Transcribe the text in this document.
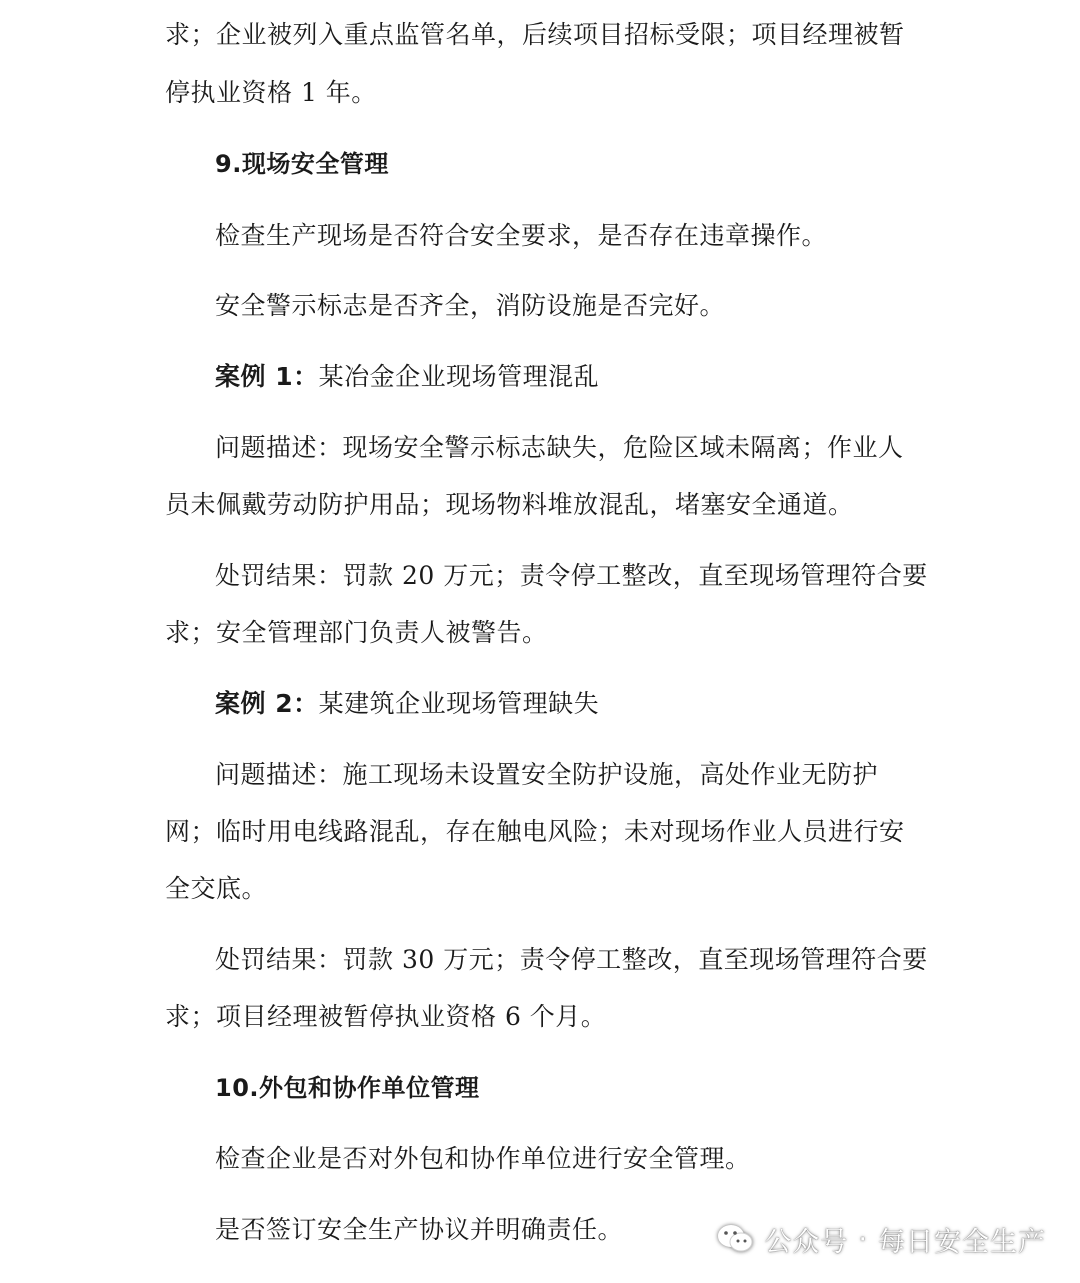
求；企业被列入重点监管名单，后续项目招标受限；项目经理被暂
停执业资格 1 年。
9.现场安全管理
检查生产现场是否符合安全要求，是否存在违章操作。
安全警示标志是否齐全，消防设施是否完好。
案例 1：某冶金企业现场管理混乱
问题描述：现场安全警示标志缺失，危险区域未隔离；作业人
员未佩戴劳动防护用品；现场物料堆放混乱，堵塞安全通道。
处罚结果：罚款 20 万元；责令停工整改，直至现场管理符合要
求；安全管理部门负责人被警告。
案例 2：某建筑企业现场管理缺失
问题描述：施工现场未设置安全防护设施，高处作业无防护
网；临时用电线路混乱，存在触电风险；未对现场作业人员进行安
全交底。
处罚结果：罚款 30 万元；责令停工整改，直至现场管理符合要
求；项目经理被暂停执业资格 6 个月。
10.外包和协作单位管理
检查企业是否对外包和协作单位进行安全管理。
是否签订安全生产协议并明确责任。	公众号 · 每日安全生产
